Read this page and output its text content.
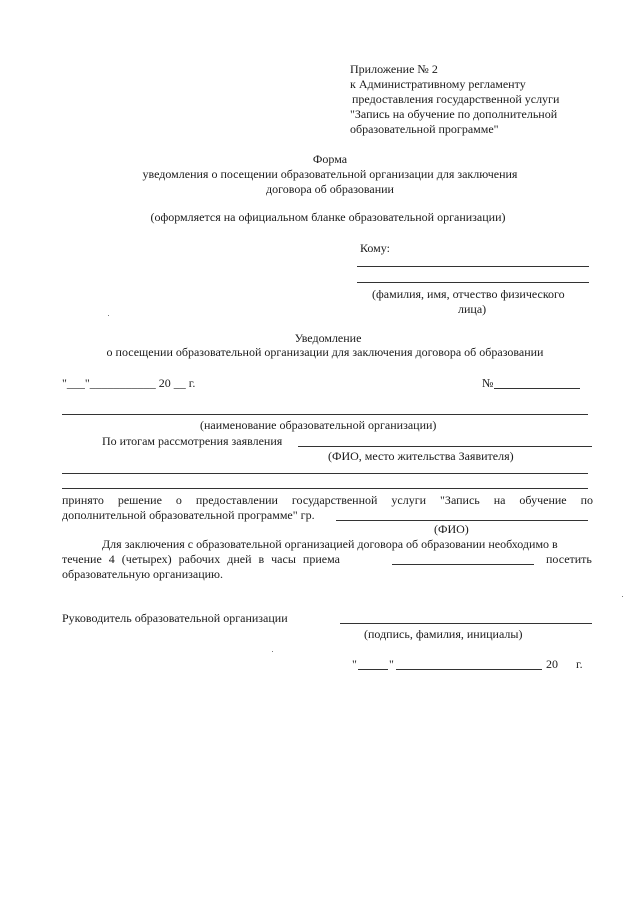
Приложение № 2
к Административному регламенту
предоставления государственной услуги
"Запись на обучение по дополнительной
образовательной программе"
Форма
уведомления о посещении образовательной организации для заключения
договора об образовании
(оформляется на официальном бланке образовательной организации)
Кому:
(фамилия, имя, отчество физического
лица)
Уведомление
о посещении образовательной организации для заключения договора об образовании
"___"___________ 20 __ г.	№
(наименование образовательной организации)
По итогам рассмотрения заявления
(ФИО, место жительства Заявителя)
принято решение о предоставлении государственной услуги "Запись на обучение по
дополнительной образовательной программе" гр.
(ФИО)
Для заключения с образовательной организацией договора об образовании необходимо в
течение 4 (четырех) рабочих дней в часы приема	посетить
образовательную организацию.
Руководитель образовательной организации
(подпись, фамилия, инициалы)
"	"	20 г.
